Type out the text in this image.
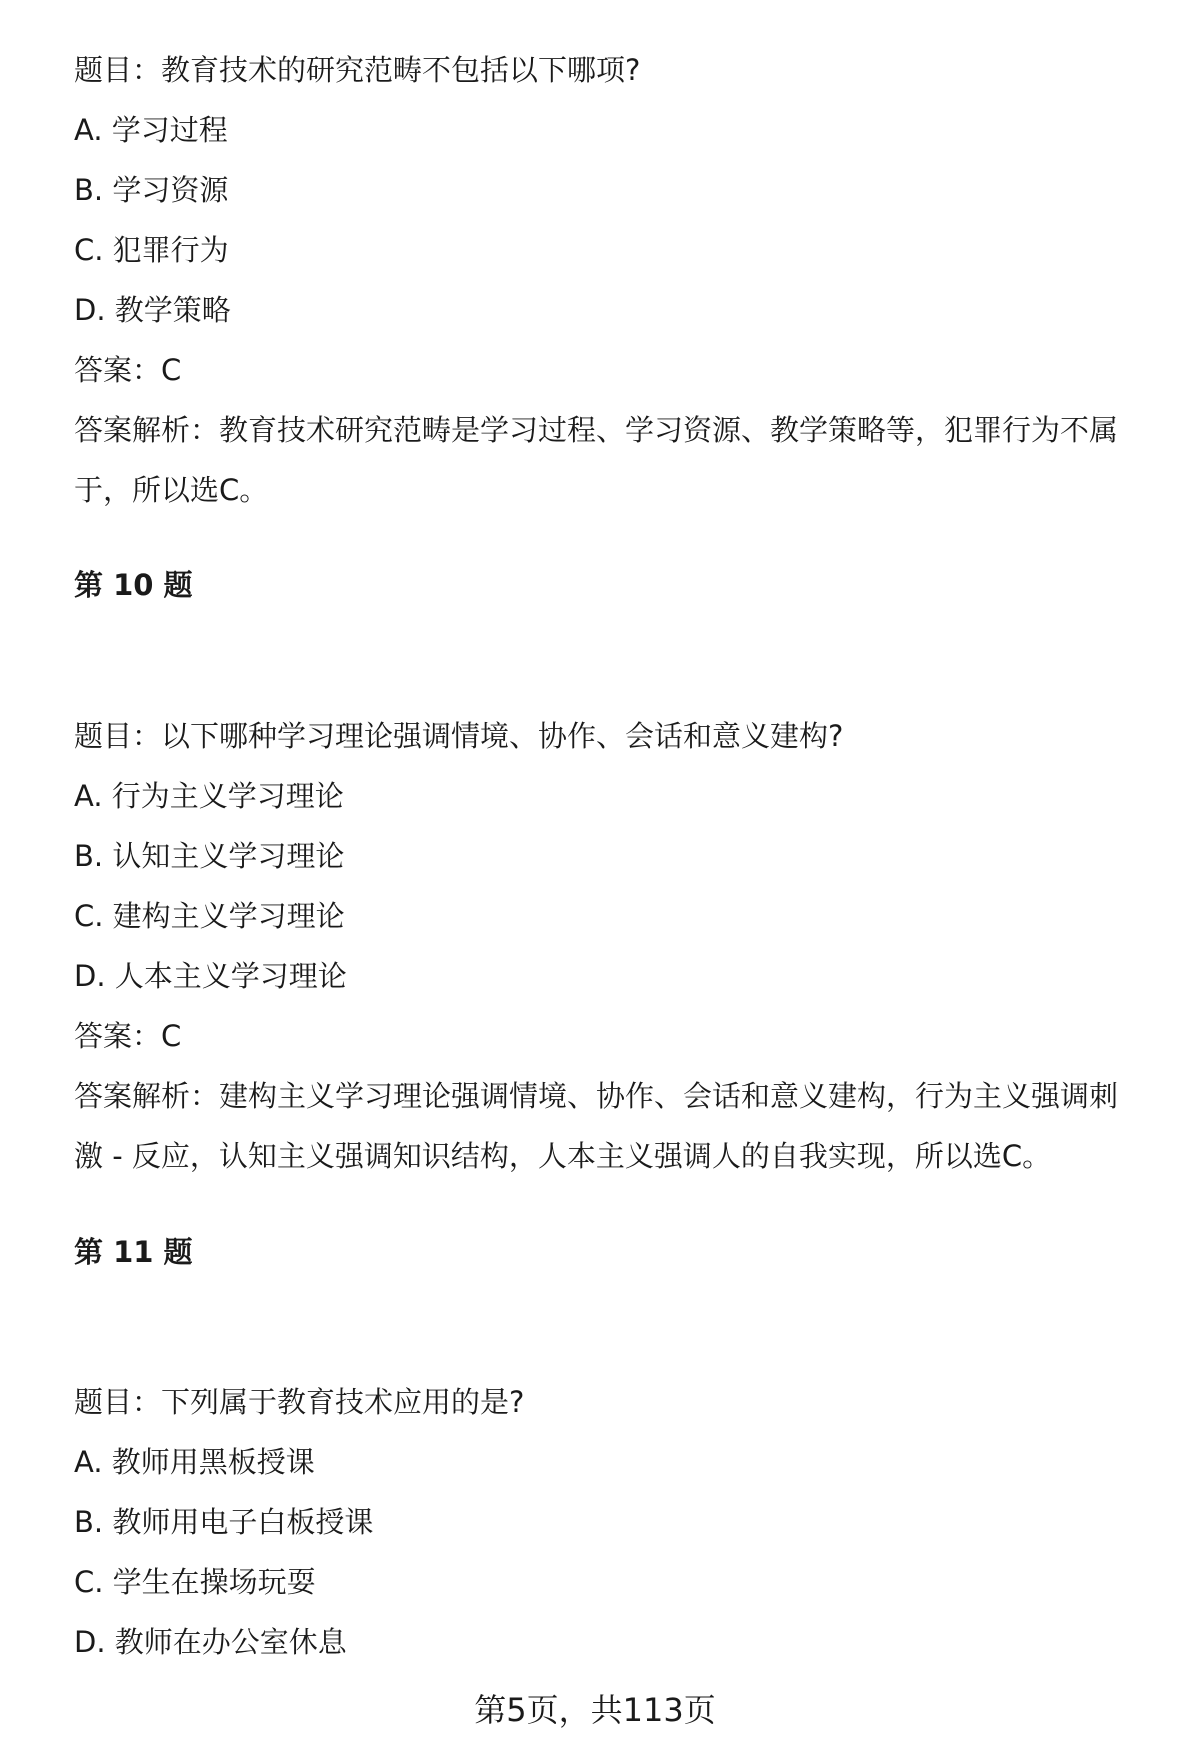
题目：教育技术的研究范畴不包括以下哪项?
A. 学习过程
B. 学习资源
C. 犯罪行为
D. 教学策略
答案：C
答案解析：教育技术研究范畴是学习过程、学习资源、教学策略等，犯罪行为不属
于，所以选C。
第 10 题
题目：以下哪种学习理论强调情境、协作、会话和意义建构?
A. 行为主义学习理论
B. 认知主义学习理论
C. 建构主义学习理论
D. 人本主义学习理论
答案：C
答案解析：建构主义学习理论强调情境、协作、会话和意义建构，行为主义强调刺
激 - 反应，认知主义强调知识结构，人本主义强调人的自我实现，所以选C。
第 11 题
题目：下列属于教育技术应用的是?
A. 教师用黑板授课
B. 教师用电子白板授课
C. 学生在操场玩耍
D. 教师在办公室休息
第5页，共113页
